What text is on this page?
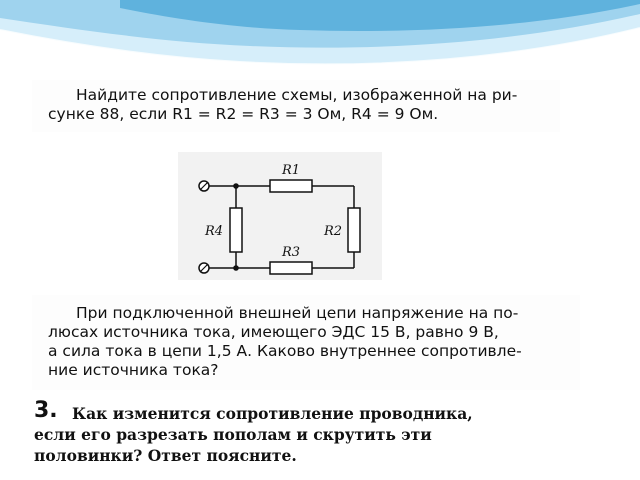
Найдите сопротивление схемы, изображенной на ри-
сунке 88, если R1 = R2 = R3 = 3 Ом, R4 = 9 Ом.
R1
R3
R4	R2
При подключенной внешней цепи напряжение на по-
люсах источника тока, имеющего ЭДС 15 В, равно 9 В,
а сила тока в цепи 1,5 А. Каково внутреннее сопротивле-
ние источника тока?
3. Как изменится сопротивление проводника,
если его разрезать пополам и скрутить эти
половинки? Ответ поясните.
